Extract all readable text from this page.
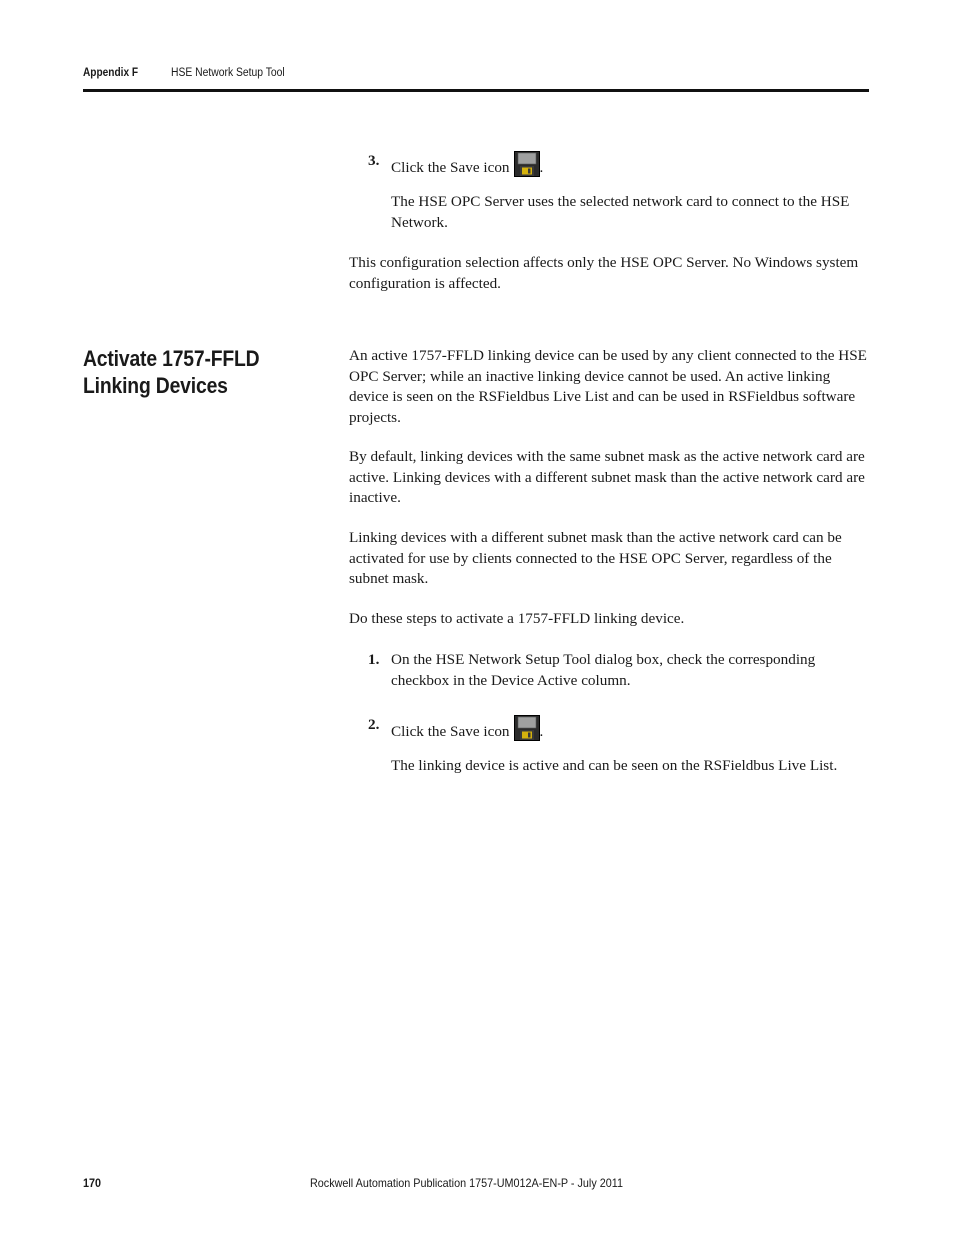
Appendix F	HSE Network Setup Tool
3. Click the Save icon .
The HSE OPC Server uses the selected network card to connect to the HSE Network.
This configuration selection affects only the HSE OPC Server. No Windows system configuration is affected.
Activate 1757-FFLD
Linking Devices
An active 1757-FFLD linking device can be used by any client connected to the HSE OPC Server; while an inactive linking device cannot be used. An active linking device is seen on the RSFieldbus Live List and can be used in RSFieldbus software projects.
By default, linking devices with the same subnet mask as the active network card are active. Linking devices with a different subnet mask than the active network card are inactive.
Linking devices with a different subnet mask than the active network card can be activated for use by clients connected to the HSE OPC Server, regardless of the subnet mask.
Do these steps to activate a 1757-FFLD linking device.
1. On the HSE Network Setup Tool dialog box, check the corresponding checkbox in the Device Active column.
2. Click the Save icon .
The linking device is active and can be seen on the RSFieldbus Live List.
170	Rockwell Automation Publication 1757-UM012A-EN-P - July 2011
